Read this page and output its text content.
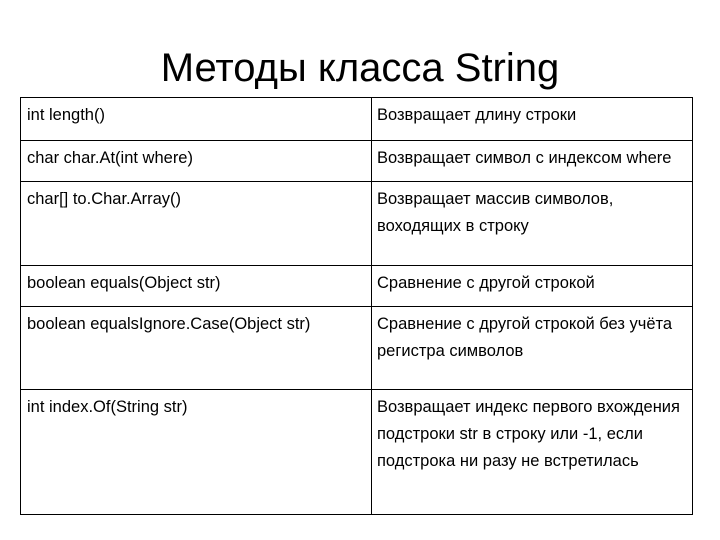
Методы класса String
int length()	Возвращает длину строки
char char.At(int where)	Возвращает символ с индексом where
char[] to.Char.Array()	Возвращает массив символов, воходящих в строку
boolean equals(Object str)	Сравнение с другой строкой
boolean equalsIgnore.Case(Object str)	Сравнение с другой строкой без учёта регистра символов
int index.Of(String str)	Возвращает индекс первого вхождения подстроки str в строку или -1, если подстрока ни разу не встретилась
